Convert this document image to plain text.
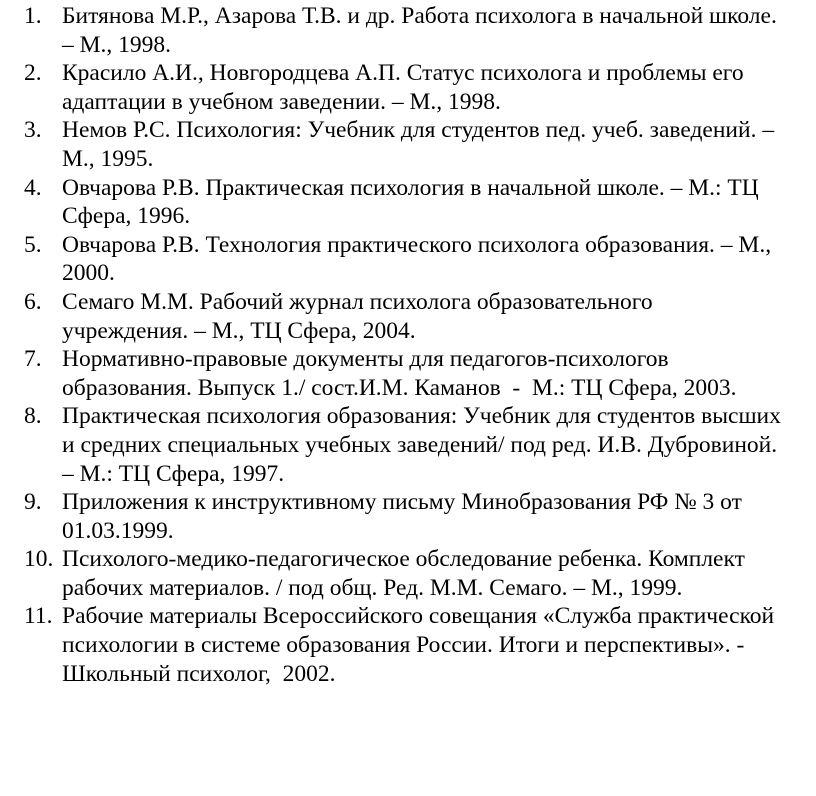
1. Битянова М.Р., Азарова Т.В. и др. Работа психолога в начальной школе.
– М., 1998.
2. Красило А.И., Новгородцева А.П. Статус психолога и проблемы его
адаптации в учебном заведении. – М., 1998.
3. Немов Р.С. Психология: Учебник для студентов пед. учеб. заведений. –
М., 1995.
4. Овчарова Р.В. Практическая психология в начальной школе. – М.: ТЦ
Сфера, 1996.
5. Овчарова Р.В. Технология практического психолога образования. – М.,
2000.
6. Семаго М.М. Рабочий журнал психолога образовательного
учреждения. – М., ТЦ Сфера, 2004.
7. Нормативно-правовые документы для педагогов-психологов
образования. Выпуск 1./ сост.И.М. Каманов  -  М.: ТЦ Сфера, 2003.
8. Практическая психология образования: Учебник для студентов высших
и средних специальных учебных заведений/ под ред. И.В. Дубровиной.
– М.: ТЦ Сфера, 1997.
9. Приложения к инструктивному письму Минобразования РФ № 3 от
01.03.1999.
10. Психолого-медико-педагогическое обследование ребенка. Комплект
рабочих материалов. / под общ. Ред. М.М. Семаго. – М., 1999.
11. Рабочие материалы Всероссийского совещания «Служба практической
психологии в системе образования России. Итоги и перспективы». -
Школьный психолог,  2002.
